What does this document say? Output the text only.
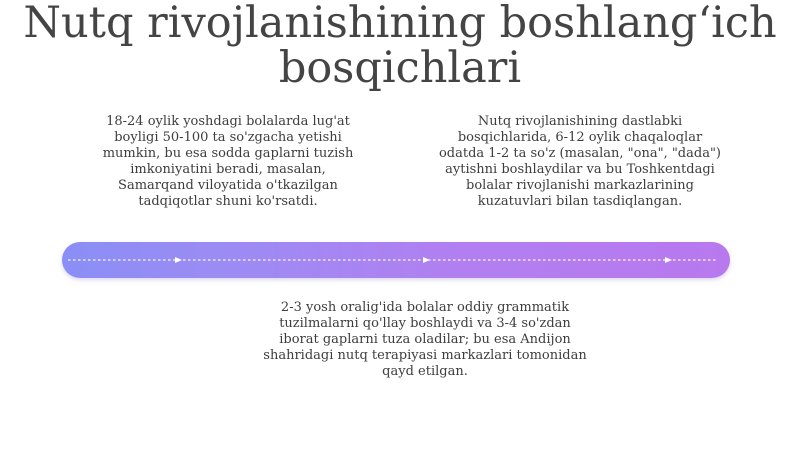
Nutq rivojlanishining boshlang‘ich bosqichlari
18-24 oylik yoshdagi bolalarda lug'at
boyligi 50-100 ta so'zgacha yetishi
mumkin, bu esa sodda gaplarni tuzish
imkoniyatini beradi, masalan,
Samarqand viloyatida o'tkazilgan
tadqiqotlar shuni ko'rsatdi.
Nutq rivojlanishining dastlabki
bosqichlarida, 6-12 oylik chaqaloqlar
odatda 1-2 ta so'z (masalan, "ona", "dada")
aytishni boshlaydilar va bu Toshkentdagi
bolalar rivojlanishi markazlarining
kuzatuvlari bilan tasdiqlangan.
2-3 yosh oralig'ida bolalar oddiy grammatik
tuzilmalarni qo'llay boshlaydi va 3-4 so'zdan
iborat gaplarni tuza oladilar; bu esa Andijon
shahridagi nutq terapiyasi markazlari tomonidan
qayd etilgan.
